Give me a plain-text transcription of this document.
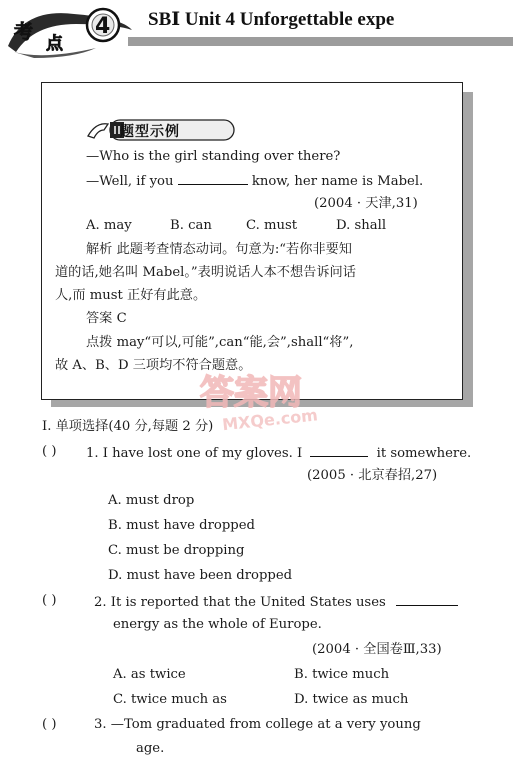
考
点
4 SBⅠ Unit 4 Unforgettable expe
题型示例
—Who is the girl standing over there?
—Well, if you	know, her name is Mabel.
(2004 · 天津,31)
A. may	B. can	C. must	D. shall
解析 此题考查情态动词。句意为:“若你非要知
道的话,她名叫 Mabel。”表明说话人本不想告诉问话
人,而 must 正好有此意。
答案 C
点拨 may“可以,可能”,can“能,会”,shall“将”,
故 A、B、D 三项均不符合题意。
答案网
MXQe.com
Ⅰ. 单项选择(40 分,每题 2 分)
( ) 1. I have lost one of my gloves. I	it somewhere.
(2005 · 北京春招,27)
A. must drop
B. must have dropped
C. must be dropping
D. must have been dropped
( )	2. It is reported that the United States uses
energy as the whole of Europe.
(2004 · 全国卷Ⅲ,33)
A. as twice	B. twice much
C. twice much as	D. twice as much
( )	3. —Tom graduated from college at a very young
age.
